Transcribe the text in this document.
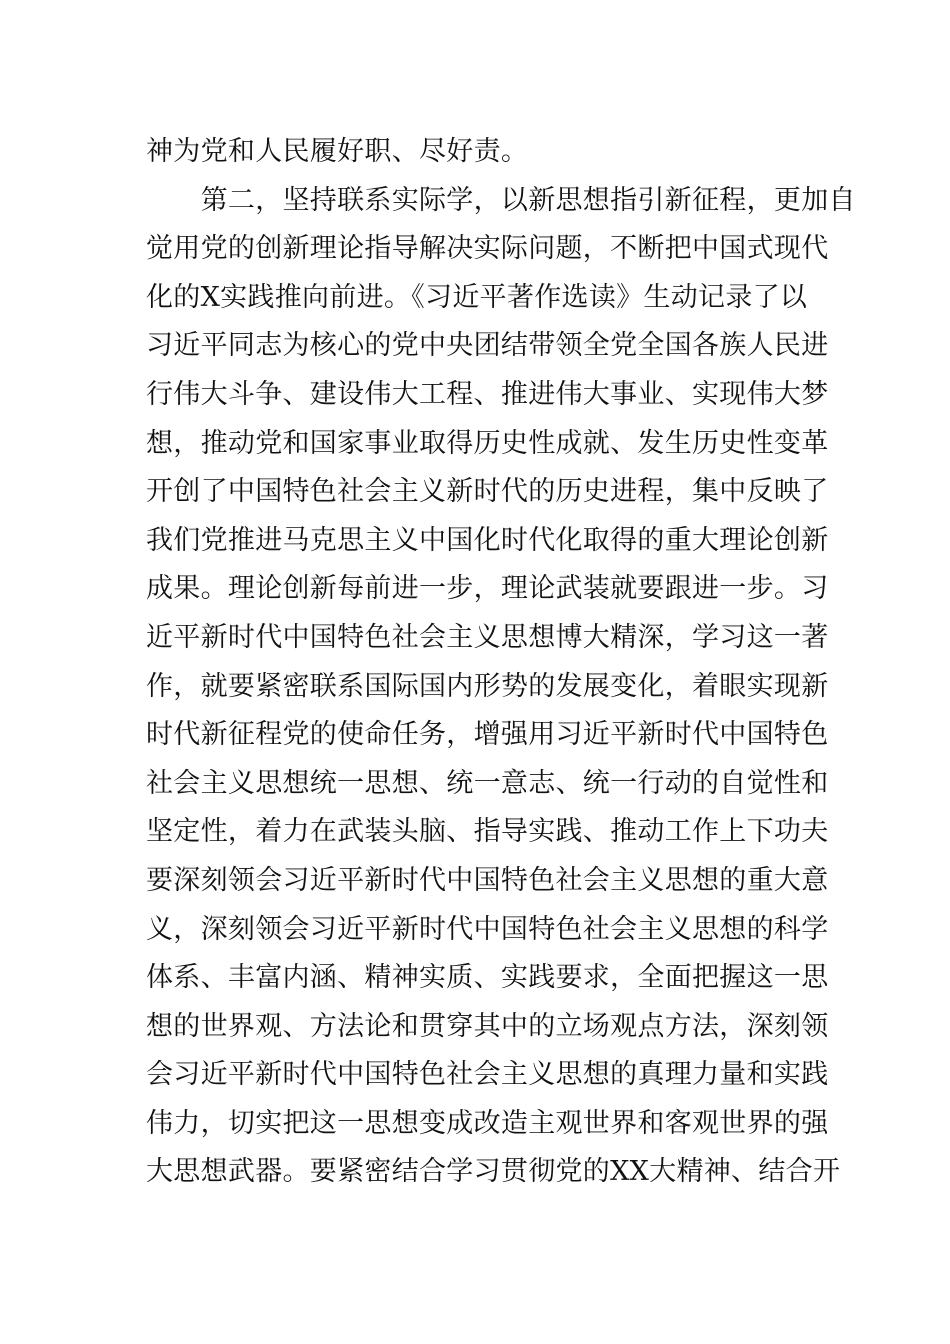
神为党和人民履好职、尽好责。
　　第二，坚持联系实际学，以新思想指引新征程，更加自
觉用党的创新理论指导解决实际问题，不断把中国式现代
化的X实践推向前进。《习近平著作选读》生动记录了以
习近平同志为核心的党中央团结带领全党全国各族人民进
行伟大斗争、建设伟大工程、推进伟大事业、实现伟大梦
想，推动党和国家事业取得历史性成就、发生历史性变革
开创了中国特色社会主义新时代的历史进程，集中反映了
我们党推进马克思主义中国化时代化取得的重大理论创新
成果。理论创新每前进一步，理论武装就要跟进一步。习
近平新时代中国特色社会主义思想博大精深，学习这一著
作，就要紧密联系国际国内形势的发展变化，着眼实现新
时代新征程党的使命任务，增强用习近平新时代中国特色
社会主义思想统一思想、统一意志、统一行动的自觉性和
坚定性，着力在武装头脑、指导实践、推动工作上下功夫
要深刻领会习近平新时代中国特色社会主义思想的重大意
义，深刻领会习近平新时代中国特色社会主义思想的科学
体系、丰富内涵、精神实质、实践要求，全面把握这一思
想的世界观、方法论和贯穿其中的立场观点方法，深刻领
会习近平新时代中国特色社会主义思想的真理力量和实践
伟力，切实把这一思想变成改造主观世界和客观世界的强
大思想武器。要紧密结合学习贯彻党的XX大精神、结合开
